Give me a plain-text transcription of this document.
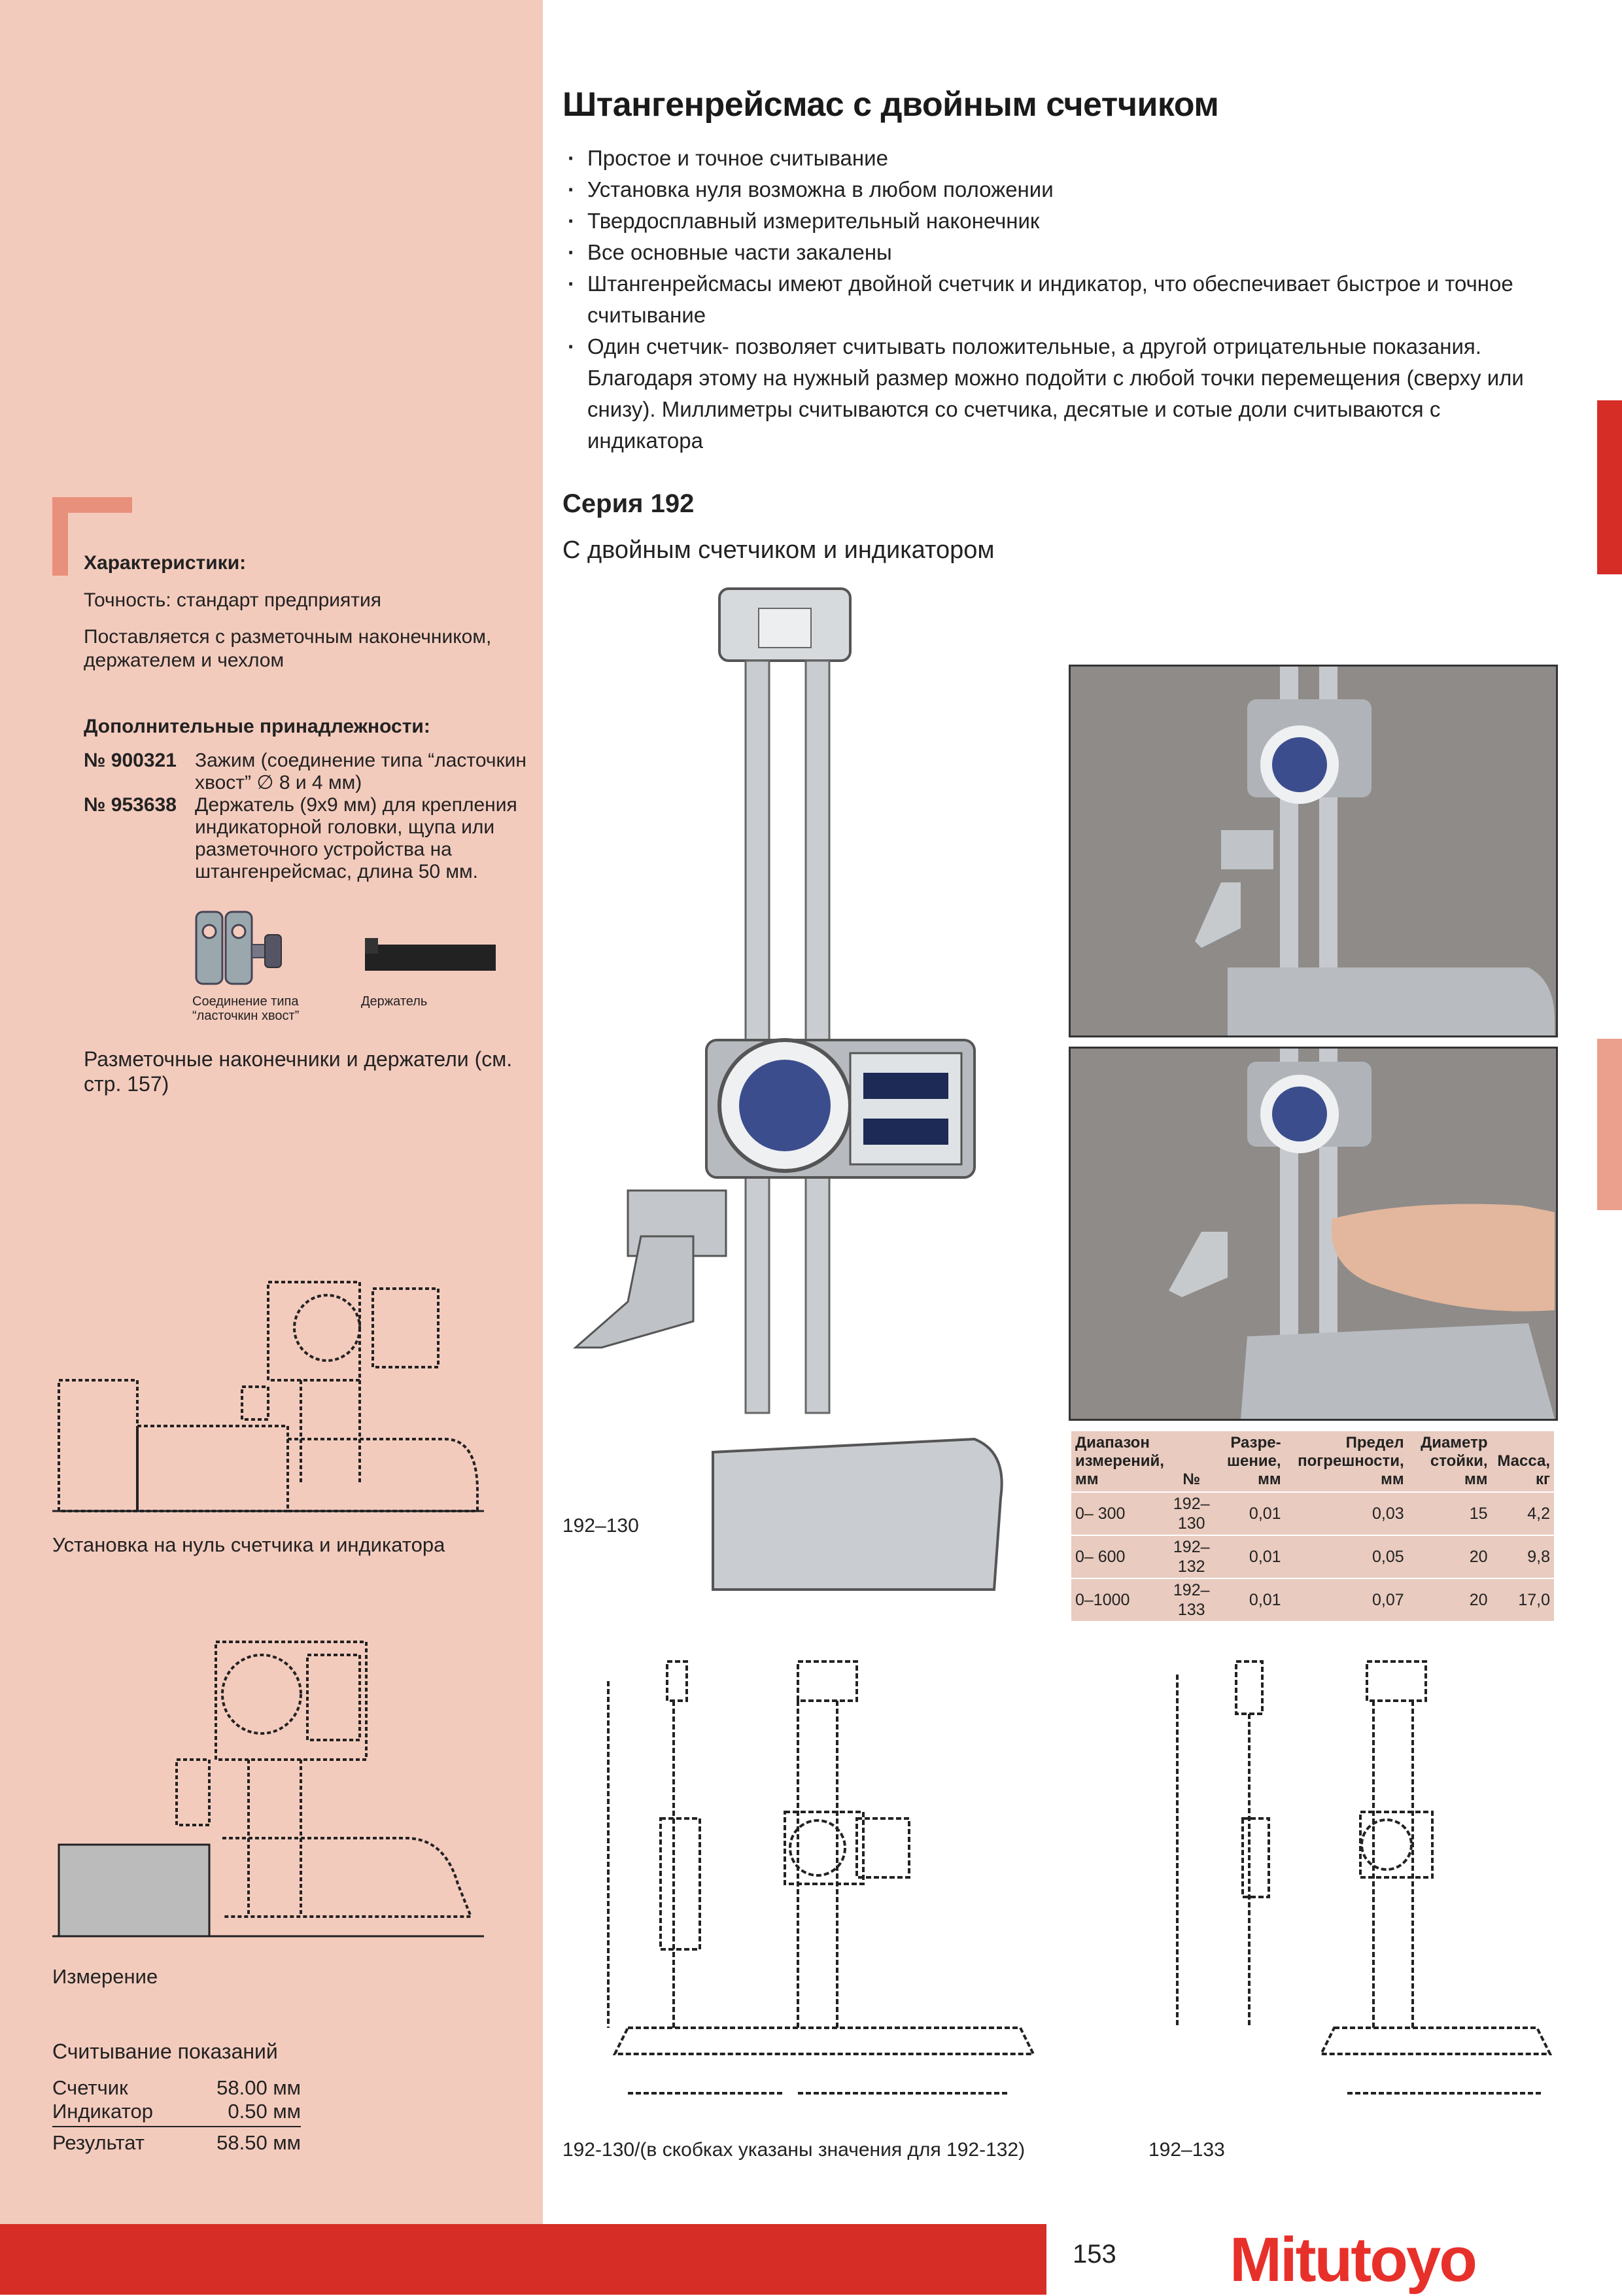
Штангенрейсмас с двойным счетчиком
· Простое и точное считывание
· Установка нуля возможна в любом положении
· Твердосплавный измерительный наконечник
· Все основные части закалены
· Штангенрейсмасы имеют двойной счетчик и индикатор, что обеспечивает быстрое и точное считывание
· Один счетчик- позволяет считывать положительные, а другой отрицательные показания. Благодаря этому на нужный размер можно подойти с любой точки перемещения (сверху или снизу). Миллиметры считываются со счетчика, десятые и сотые доли считываются с индикатора
Серия 192
С двойным счетчиком и индикатором
Характеристики:
Точность: стандарт предприятия
Поставляется с разметочным наконечником, держателем и чехлом
Дополнительные принадлежности:
№ 900321 Зажим (соединение типа “ласточкин хвост” ∅ 8 и 4 мм)
№ 953638 Держатель (9x9 мм) для крепления индикаторной головки, щупа или разметочного устройства на штангенрейсмас, длина 50 мм.
Соединение типа “ласточкин хвост”
Держатель
Разметочные наконечники и держатели (см. стр. 157)
Установка на нуль счетчика и индикатора
Измерение
Считывание показаний
Счетчик	58.00 мм
Индикатор	0.50 мм
Результат	58.50 мм
192–130
Диапазон измерений, мм	№	Разре- шение, мм	Предел погрешности, мм	Диаметр стойки, мм	Масса, кг
0– 300	192–130	0,01	0,03	15	4,2
0– 600	192–132	0,01	0,05	20	9,8
0–1000	192–133	0,01	0,07	20	17,0
192-130/(в скобках указаны значения для 192-132)	192–133
153 Mitutoyo
